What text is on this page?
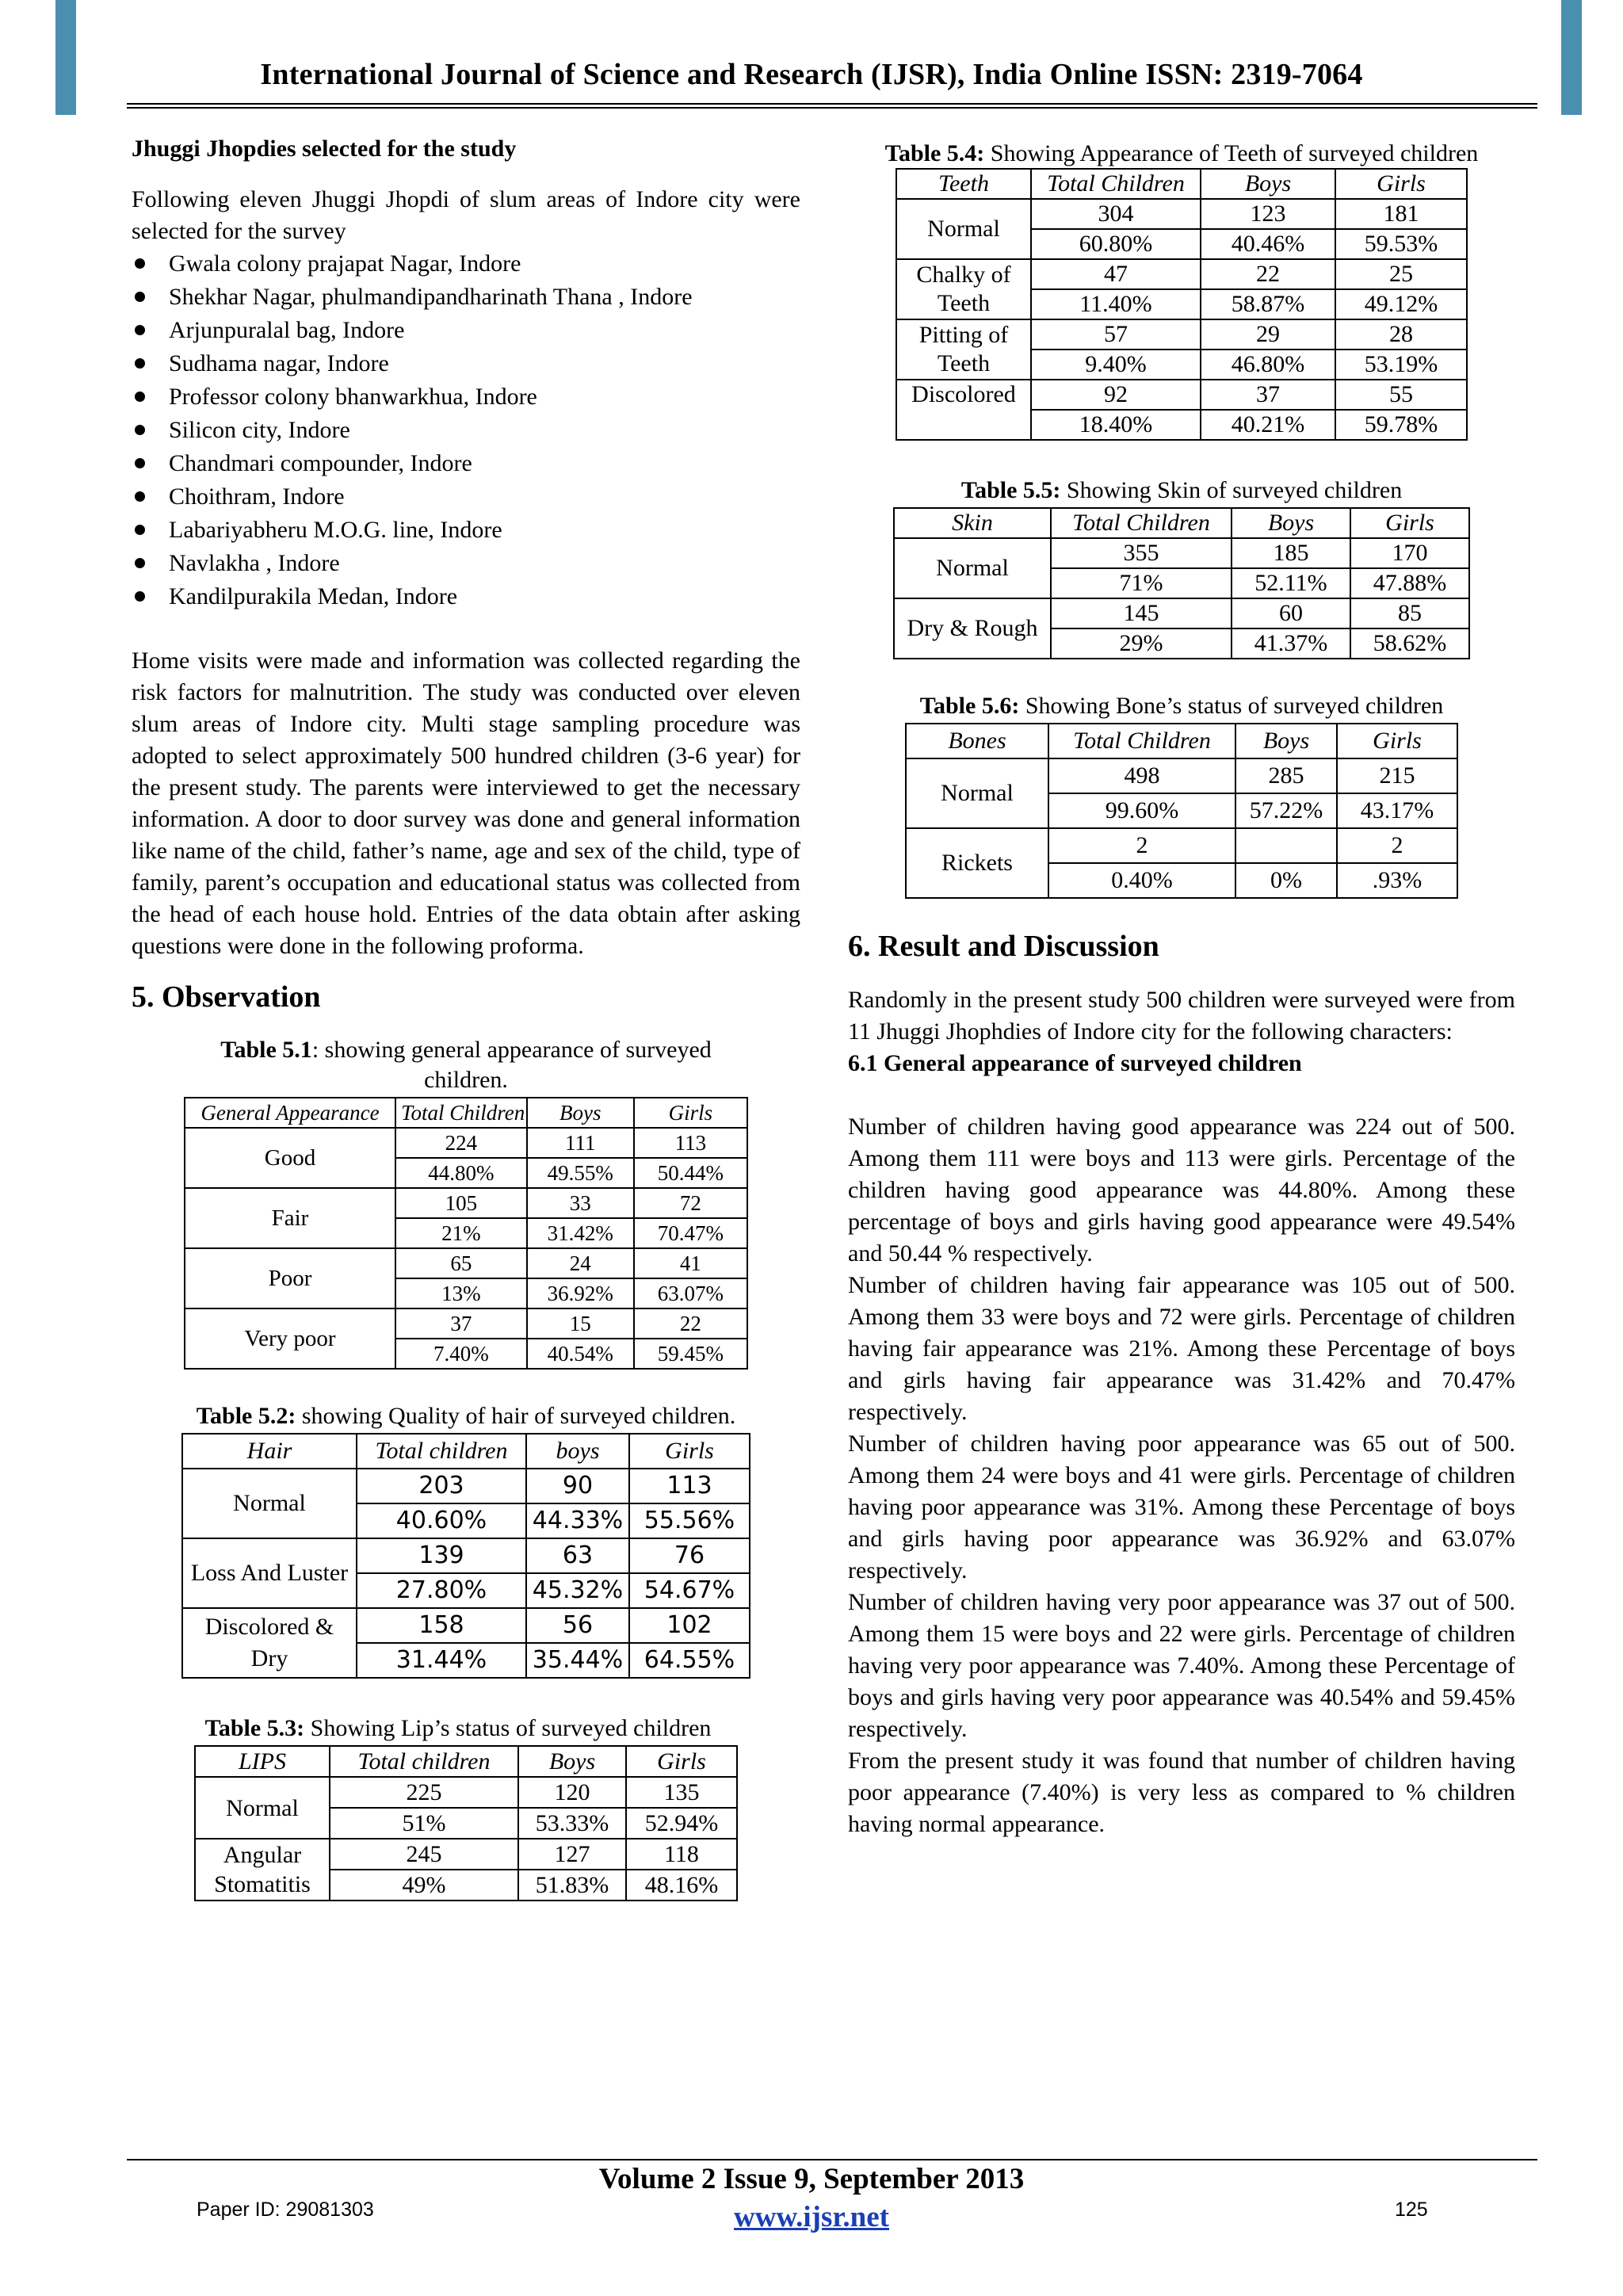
International Journal of Science and Research (IJSR), India Online ISSN: 2319-7064
Jhuggi Jhopdies selected for the study

Following eleven Jhuggi Jhopdi of slum areas of Indore city were selected for the survey

Gwala colony prajapat Nagar, Indore
Shekhar Nagar, phulmandipandharinath Thana , Indore
Arjunpuralal bag, Indore
Sudhama nagar, Indore
Professor colony bhanwarkhua, Indore
Silicon city, Indore
Chandmari compounder, Indore
Choithram, Indore
Labariyabheru M.O.G. line, Indore
Navlakha , Indore
Kandilpurakila Medan, Indore

Home visits were made and information was collected regarding the risk factors for malnutrition. The study was conducted over eleven slum areas of Indore city. Multi stage sampling procedure was adopted to select approximately 500 hundred children (3-6 year) for the present study. The parents were interviewed to get the necessary information. A door to door survey was done and general information like name of the child, father’s name, age and sex of the child, type of family, parent’s occupation and educational status was collected from the head of each house hold. Entries of the data obtain after asking questions were done in the following proforma.

5. Observation
Table 5.1: showing general appearance of surveyed children.
General Appearance	Total Children	Boys	Girls
Good	224	111	113
	44.80%	49.55%	50.44%
Fair	105	33	72
	21%	31.42%	70.47%
Poor	65	24	41
	13%	36.92%	63.07%
Very poor	37	15	22
	7.40%	40.54%	59.45%
Table 5.2: showing Quality of hair of surveyed children.
Hair	Total children	boys	Girls
Normal	203	90	113
	40.60%	44.33%	55.56%
Loss And Luster	139	63	76
	27.80%	45.32%	54.67%
Discolored & Dry	158	56	102
	31.44%	35.44%	64.55%
Table 5.3: Showing Lip’s status of surveyed children
LIPS	Total children	Boys	Girls
Normal	225	120	135
	51%	53.33%	52.94%
Angular Stomatitis	245	127	118
	49%	51.83%	48.16%
Table 5.4: Showing Appearance of Teeth of surveyed children
Teeth	Total Children	Boys	Girls
Normal	304	123	181
	60.80%	40.46%	59.53%
Chalky of Teeth	47	22	25
	11.40%	58.87%	49.12%
Pitting of Teeth	57	29	28
	9.40%	46.80%	53.19%
Discolored	92	37	55
	18.40%	40.21%	59.78%
Table 5.5: Showing Skin of surveyed children
Skin	Total Children	Boys	Girls
Normal	355	185	170
	71%	52.11%	47.88%
Dry & Rough	145	60	85
	29%	41.37%	58.62%
Table 5.6: Showing Bone’s status of surveyed children
Bones	Total Children	Boys	Girls
Normal	498	285	215
	99.60%	57.22%	43.17%
Rickets	2		2
	0.40%	0%	.93%
6. Result and Discussion

Randomly in the present study 500 children were surveyed were from 11 Jhuggi Jhophdies of Indore city for the following characters:

6.1 General appearance of surveyed children

Number of children having good appearance was 224 out of 500. Among them 111 were boys and 113 were girls. Percentage of the children having good appearance was 44.80%. Among these percentage of boys and girls having good appearance were 49.54% and 50.44 % respectively.

Number of children having fair appearance was 105 out of 500. Among them 33 were boys and 72 were girls. Percentage of children having fair appearance was 21%. Among these Percentage of boys and girls having fair appearance was 31.42% and 70.47% respectively.

Number of children having poor appearance was 65 out of 500. Among them 24 were boys and 41 were girls. Percentage of children having poor appearance was 31%. Among these Percentage of boys and girls having poor appearance was 36.92% and 63.07% respectively.

Number of children having very poor appearance was 37 out of 500. Among them 15 were boys and 22 were girls. Percentage of children having very poor appearance was 7.40%. Among these Percentage of boys and girls having very poor appearance was 40.54% and 59.45% respectively.

From the present study it was found that number of children having poor appearance (7.40%) is very less as compared to % children having normal appearance.

Volume 2 Issue 9, September 2013
www.ijsr.net
Paper ID: 29081303	125
